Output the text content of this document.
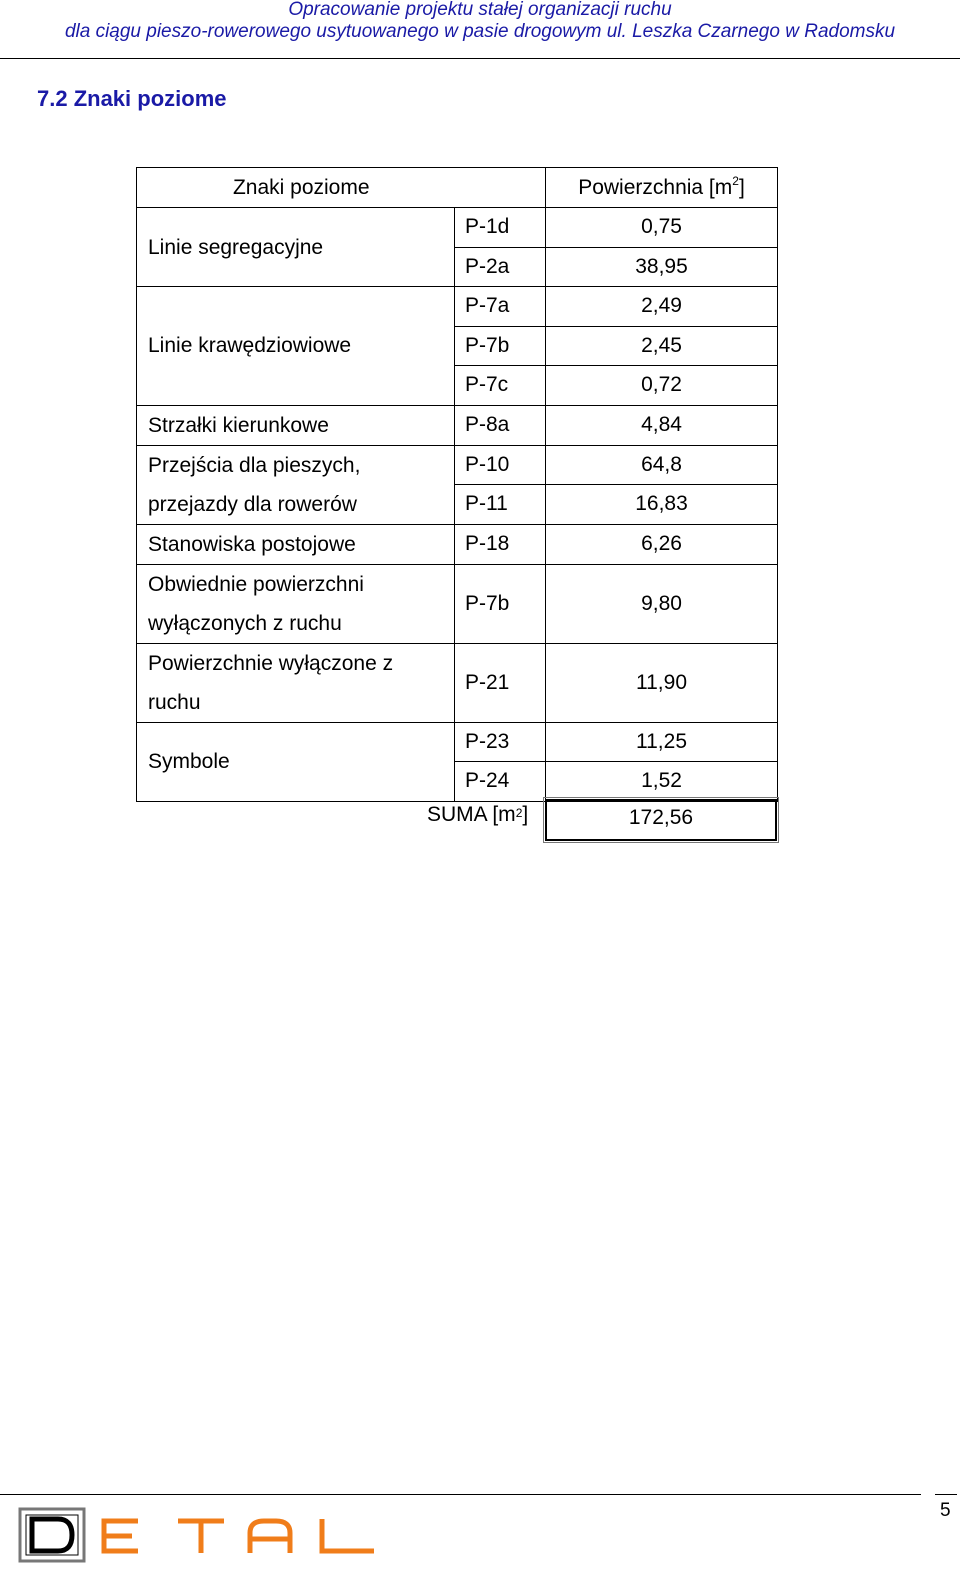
Opracowanie projektu stałej organizacji ruchu
dla ciągu pieszo-rowerowego usytuowanego w pasie drogowym ul. Leszka Czarnego w Radomsku
7.2 Znaki poziome
Znaki poziome		Powierzchnia $[m^2]$
Linie segregacyjne	P-1d	0,75
	P-2a	38,95
Linie krawędziowiowe	P-7a	2,49
	P-7b	2,45
	P-7c	0,72
Strzałki kierunkowe	P-8a	4,84

Przejścia dla pieszych,
przejazdy dla rowerów	P-10	64,8
	P-11	16,83
Stanowiska postojowe	P-18	6,26

Obwiednie powierzchni
wyłączonych z ruchu	P-7b	9,80

Powierzchnie wyłączone z
ruchu	P-21	11,90
Symbole	P-23	11,25
	P-24	1,52
SUMA $[m^2]$	172,56
5
